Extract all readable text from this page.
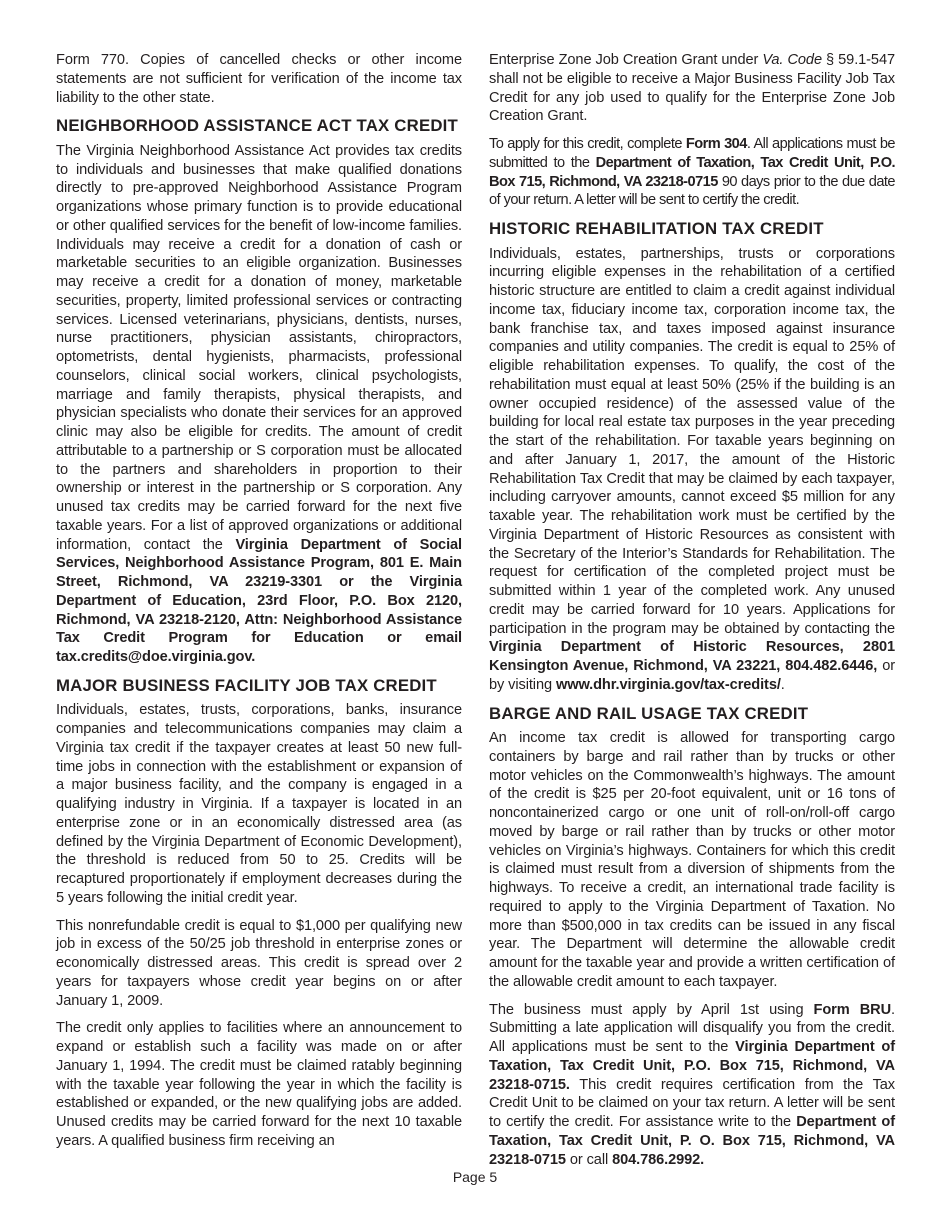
Form 770. Copies of cancelled checks or other income statements are not sufficient for verification of the income tax liability to the other state.

NEIGHBORHOOD ASSISTANCE ACT TAX CREDIT

The Virginia Neighborhood Assistance Act provides tax credits to individuals and businesses that make qualified donations directly to pre-approved Neighborhood Assistance Program organizations whose primary function is to provide educational or other qualified services for the benefit of low-income families. Individuals may receive a credit for a donation of cash or marketable securities to an eligible organization. Businesses may receive a credit for a donation of money, marketable securities, property, limited professional services or contracting services. Licensed veterinarians, physicians, dentists, nurses, nurse practitioners, physician assistants, chiropractors, optometrists, dental hygienists, pharmacists, professional counselors, clinical social workers, clinical psychologists, marriage and family therapists, physical therapists, and physician specialists who donate their services for an approved clinic may also be eligible for credits. The amount of credit attributable to a partnership or S corporation must be allocated to the partners and shareholders in proportion to their ownership or interest in the partnership or S corporation. Any unused tax credits may be carried forward for the next five taxable years. For a list of approved organizations or additional information, contact the Virginia Department of Social Services, Neighborhood Assistance Program, 801 E. Main Street, Richmond, VA 23219-3301 or the Virginia Department of Education, 23rd Floor, P.O. Box 2120, Richmond, VA 23218-2120, Attn: Neighborhood Assistance Tax Credit Program for Education or email tax.credits@doe.virginia.gov.

MAJOR BUSINESS FACILITY JOB TAX CREDIT

Individuals, estates, trusts, corporations, banks, insurance companies and telecommunications companies may claim a Virginia tax credit if the taxpayer creates at least 50 new full-time jobs in connection with the establishment or expansion of a major business facility, and the company is engaged in a qualifying industry in Virginia. If a taxpayer is located in an enterprise zone or in an economically distressed area (as defined by the Virginia Department of Economic Development), the threshold is reduced from 50 to 25. Credits will be recaptured proportionately if employment decreases during the 5 years following the initial credit year.

This nonrefundable credit is equal to $1,000 per qualifying new job in excess of the 50/25 job threshold in enterprise zones or economically distressed areas. This credit is spread over 2 years for taxpayers whose credit year begins on or after January 1, 2009.

The credit only applies to facilities where an announcement to expand or establish such a facility was made on or after January 1, 1994. The credit must be claimed ratably beginning with the taxable year following the year in which the facility is established or expanded, or the new qualifying jobs are added. Unused credits may be carried forward for the next 10 taxable years. A qualified business firm receiving an

Enterprise Zone Job Creation Grant under Va. Code § 59.1-547 shall not be eligible to receive a Major Business Facility Job Tax Credit for any job used to qualify for the Enterprise Zone Job Creation Grant.

To apply for this credit, complete Form 304. All applications must be submitted to the Department of Taxation, Tax Credit Unit, P.O. Box 715, Richmond, VA 23218-0715 90 days prior to the due date of your return. A letter will be sent to certify the credit.

HISTORIC REHABILITATION TAX CREDIT

Individuals, estates, partnerships, trusts or corporations incurring eligible expenses in the rehabilitation of a certified historic structure are entitled to claim a credit against individual income tax, fiduciary income tax, corporation income tax, the bank franchise tax, and taxes imposed against insurance companies and utility companies. The credit is equal to 25% of eligible rehabilitation expenses. To qualify, the cost of the rehabilitation must equal at least 50% (25% if the building is an owner occupied residence) of the assessed value of the building for local real estate tax purposes in the year preceding the start of the rehabilitation. For taxable years beginning on and after January 1, 2017, the amount of the Historic Rehabilitation Tax Credit that may be claimed by each taxpayer, including carryover amounts, cannot exceed $5 million for any taxable year. The rehabilitation work must be certified by the Virginia Department of Historic Resources as consistent with the Secretary of the Interior’s Standards for Rehabilitation. The request for certification of the completed project must be submitted within 1 year of the completed work. Any unused credit may be carried forward for 10 years. Applications for participation in the program may be obtained by contacting the Virginia Department of Historic Resources, 2801 Kensington Avenue, Richmond, VA 23221, 804.482.6446, or by visiting www.dhr.virginia.gov/tax-credits/.

BARGE AND RAIL USAGE TAX CREDIT

An income tax credit is allowed for transporting cargo containers by barge and rail rather than by trucks or other motor vehicles on the Commonwealth’s highways. The amount of the credit is $25 per 20-foot equivalent, unit or 16 tons of noncontainerized cargo or one unit of roll-on/roll-off cargo moved by barge or rail rather than by trucks or other motor vehicles on Virginia’s highways. Containers for which this credit is claimed must result from a diversion of shipments from the highways. To receive a credit, an international trade facility is required to apply to the Virginia Department of Taxation. No more than $500,000 in tax credits can be issued in any fiscal year. The Department will determine the allowable credit amount for the taxable year and provide a written certification of the allowable credit amount to each taxpayer.

The business must apply by April 1st using Form BRU. Submitting a late application will disqualify you from the credit. All applications must be sent to the Virginia Department of Taxation, Tax Credit Unit, P.O. Box 715, Richmond, VA 23218-0715. This credit requires certification from the Tax Credit Unit to be claimed on your tax return. A letter will be sent to certify the credit. For assistance write to the Department of Taxation, Tax Credit Unit, P. O. Box 715, Richmond, VA 23218-0715 or call 804.786.2992.

Page 5
